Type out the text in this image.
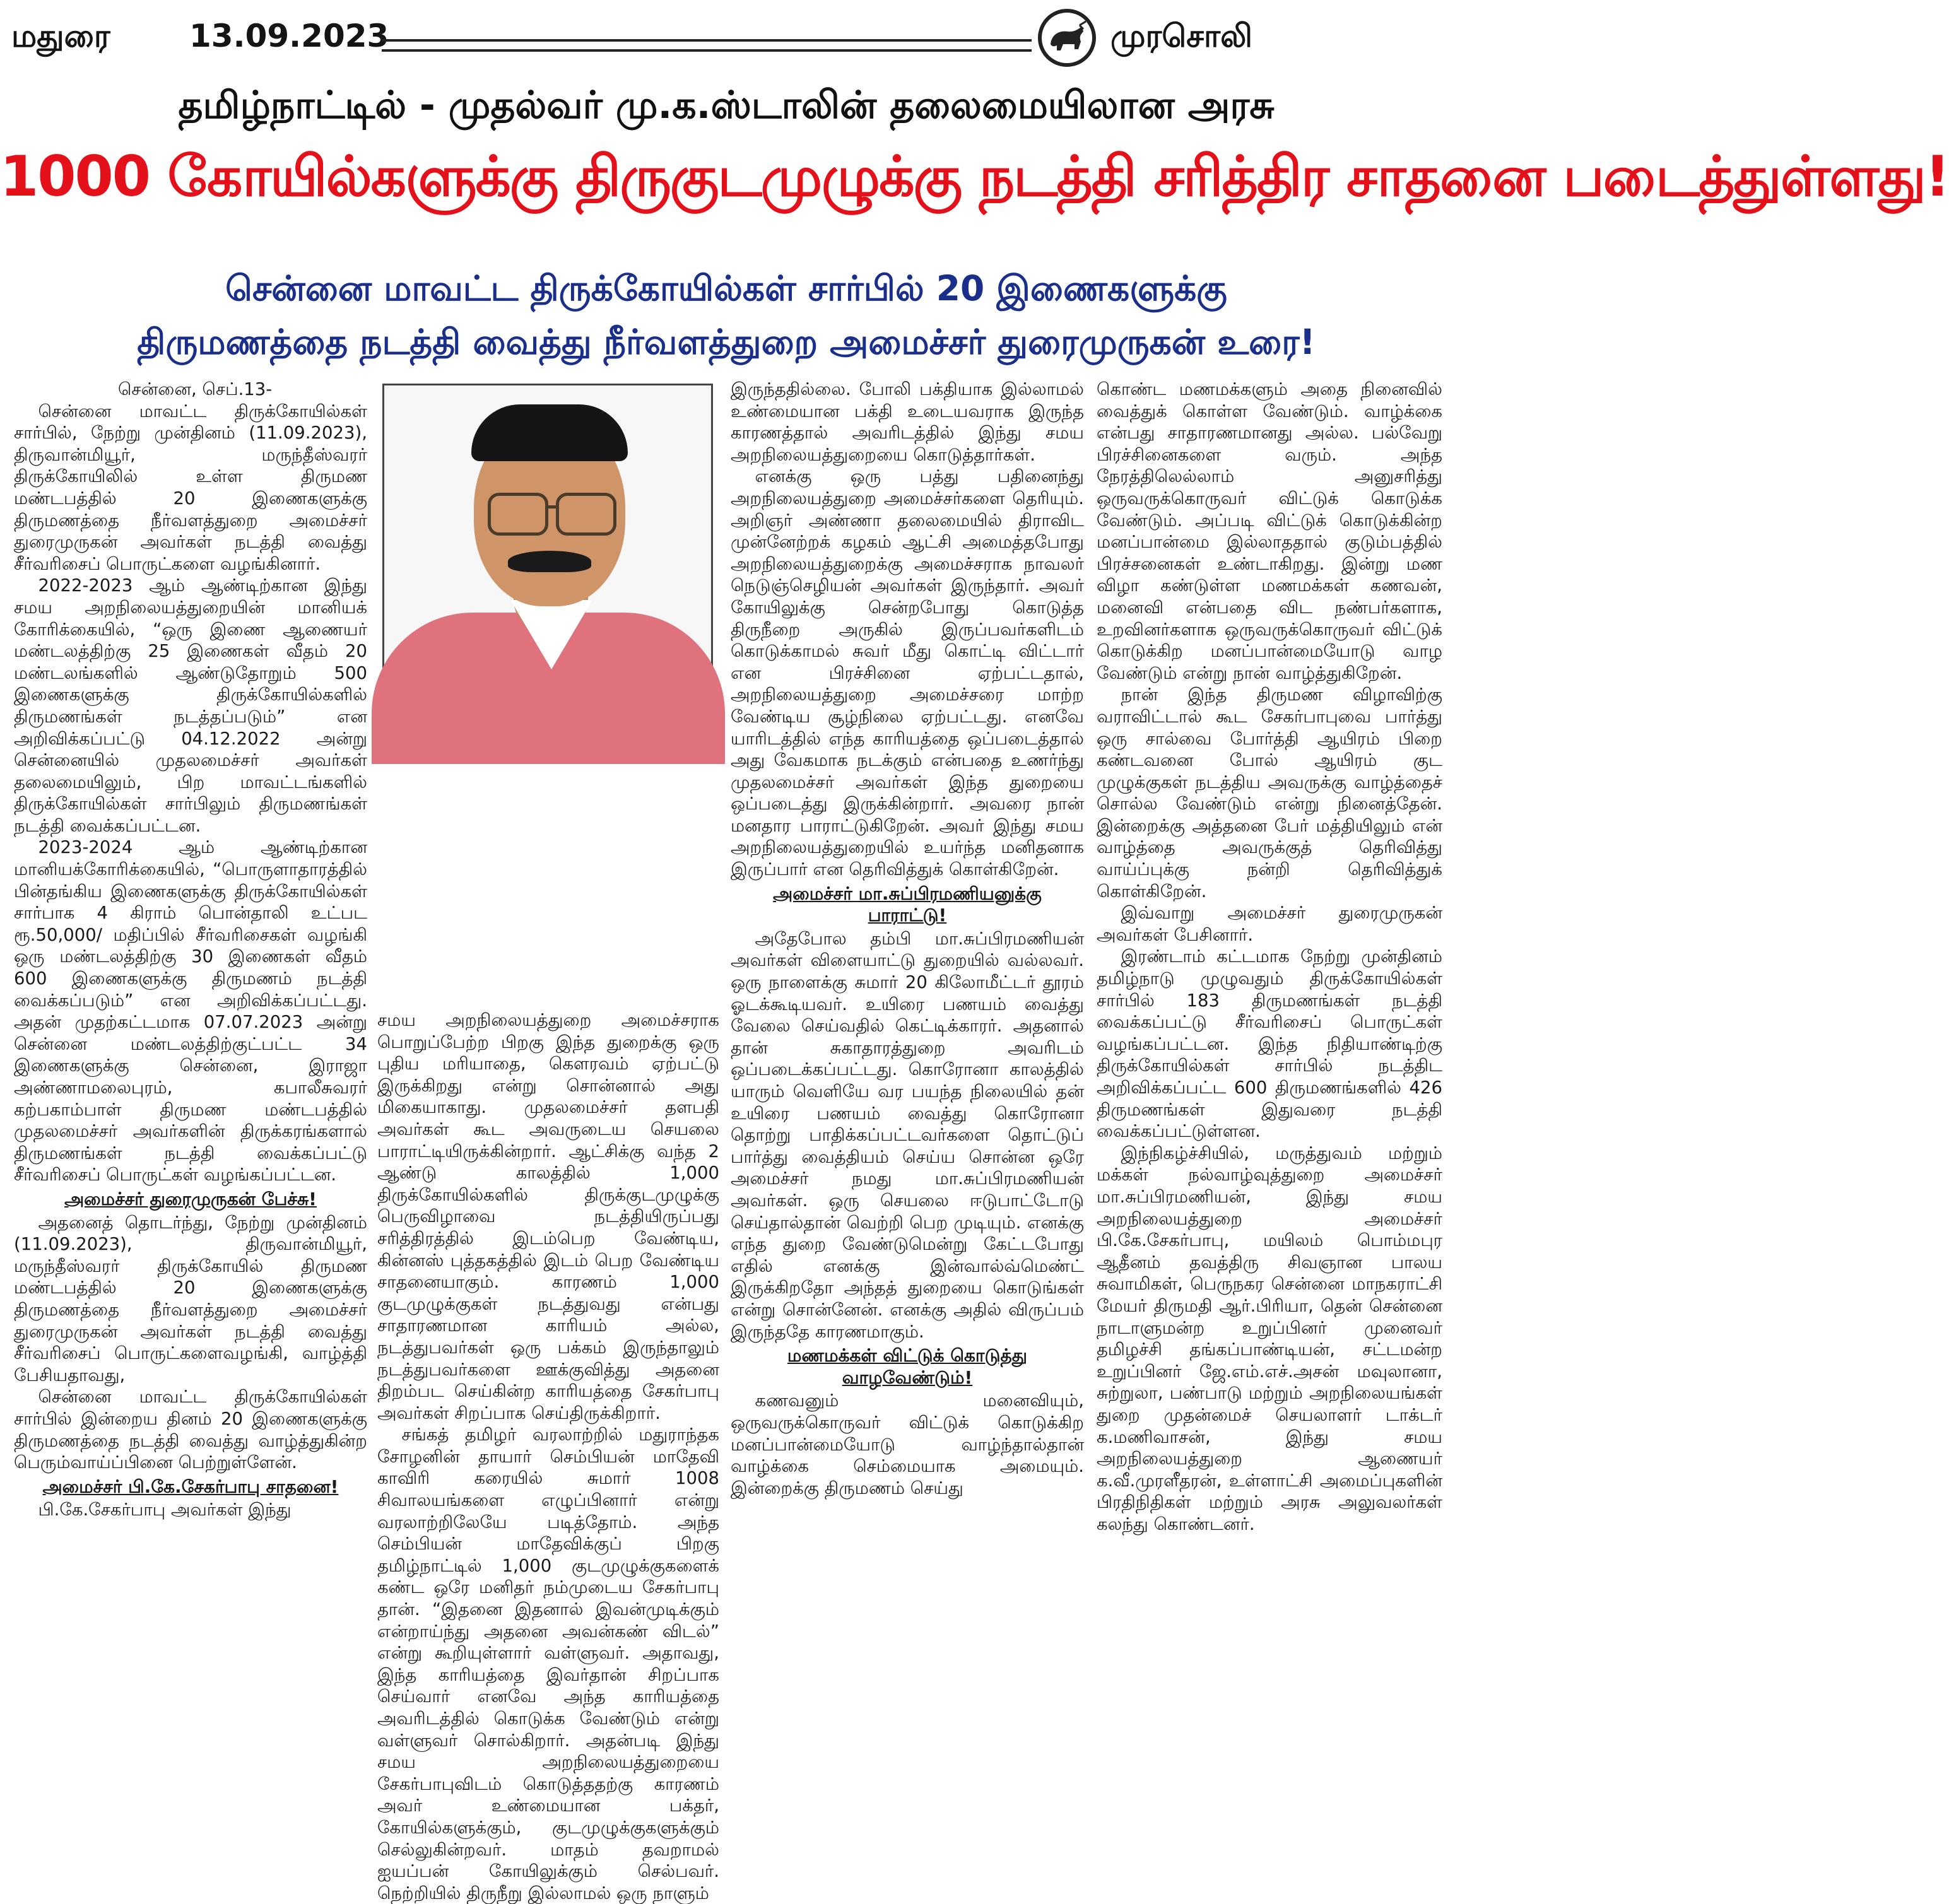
மதுரை	13.09.2023	முரசொலி
தமிழ்நாட்டில் - முதல்வர் மு.க.ஸ்டாலின் தலைமையிலான அரசு
1000 கோயில்களுக்கு திருகுடமுழுக்கு நடத்தி சரித்திர சாதனை படைத்துள்ளது!
சென்னை மாவட்ட திருக்கோயில்கள் சார்பில் 20 இணைகளுக்கு
திருமணத்தை நடத்தி வைத்து நீர்வளத்துறை அமைச்சர் துரைமுருகன் உரை!

சென்னை, செப்.13-

சென்னை மாவட்ட திருக்கோயில்கள் சார்பில், நேற்று முன்தினம் (11.09.2023), திருவான்மியூர், மருந்தீஸ்வரர் திருக்கோயிலில் உள்ள திருமண மண்டபத்தில் 20 இணைகளுக்கு திருமணத்தை நீர்வளத்துறை அமைச்சர் துரைமுருகன் அவர்கள் நடத்தி வைத்து சீர்வரிசைப் பொருட்களை வழங்கினார்.

2022-2023 ஆம் ஆண்டிற்கான இந்து சமய அறநிலையத்துறையின் மானியக் கோரிக்கையில், “ஒரு இணை ஆணையர் மண்டலத்திற்கு 25 இணைகள் வீதம் 20 மண்டலங்களில் ஆண்டுதோறும் 500 இணைகளுக்கு திருக்கோயில்களில் திருமணங்கள் நடத்தப்படும்” என அறிவிக்கப்பட்டு 04.12.2022 அன்று சென்னையில் முதலமைச்சர் அவர்கள் தலைமையிலும், பிற மாவட்டங்களில் திருக்கோயில்கள் சார்பிலும் திருமணங்கள் நடத்தி வைக்கப்பட்டன.

2023-2024 ஆம் ஆண்டிற்கான மானியக்கோரிக்கையில், “பொருளாதாரத்தில் பின்தங்கிய இணைகளுக்கு திருக்கோயில்கள் சார்பாக 4 கிராம் பொன்தாலி உட்பட ரூ.50,000/ மதிப்பில் சீர்வரிசைகள் வழங்கி ஒரு மண்டலத்திற்கு 30 இணைகள் வீதம் 600 இணைகளுக்கு திருமணம் நடத்தி வைக்கப்படும்” என அறிவிக்கப்பட்டது. அதன் முதற்கட்டமாக 07.07.2023 அன்று சென்னை மண்டலத்திற்குட்பட்ட 34 இணைகளுக்கு சென்னை, இராஜா அண்ணாமலைபுரம், கபாலீசுவரர் கற்பகாம்பாள் திருமண மண்டபத்தில் முதலமைச்சர் அவர்களின் திருக்கரங்களால் திருமணங்கள் நடத்தி வைக்கப்பட்டு சீர்வரிசைப் பொருட்கள் வழங்கப்பட்டன.

அமைச்சர் துரைமுருகன் பேச்சு!

அதனைத் தொடர்ந்து, நேற்று முன்தினம் (11.09.2023), திருவான்மியூர், மருந்தீஸ்வரர் திருக்கோயில் திருமண மண்டபத்தில் 20 இணைகளுக்கு திருமணத்தை நீர்வளத்துறை அமைச்சர் துரைமுருகன் அவர்கள் நடத்தி வைத்து சீர்வரிசைப் பொருட்களைவழங்கி, வாழ்த்தி பேசியதாவது,

சென்னை மாவட்ட திருக்கோயில்கள் சார்பில் இன்றைய தினம் 20 இணைகளுக்கு திருமணத்தை நடத்தி வைத்து வாழ்த்துகின்ற பெரும்வாய்ப்பினை பெற்றுள்ளேன்.

அமைச்சர் பி.கே.சேகர்பாபு சாதனை!

பி.கே.சேகர்பாபு அவர்கள் இந்து

சமய அறநிலையத்துறை அமைச்சராக பொறுப்பேற்ற பிறகு இந்த துறைக்கு ஒரு புதிய மரியாதை, கௌரவம் ஏற்பட்டு இருக்கிறது என்று சொன்னால் அது மிகையாகாது. முதலமைச்சர் தளபதி அவர்கள் கூட அவருடைய செயலை பாராட்டியிருக்கின்றார். ஆட்சிக்கு வந்த 2 ஆண்டு காலத்தில் 1,000 திருக்கோயில்களில் திருக்குடமுழுக்கு பெருவிழாவை நடத்தியிருப்பது சரித்திரத்தில் இடம்பெற வேண்டிய, கின்னஸ் புத்தகத்தில் இடம் பெற வேண்டிய சாதனையாகும். காரணம் 1,000 குடமுழுக்குகள் நடத்துவது என்பது சாதாரணமான காரியம் அல்ல, நடத்துபவர்கள் ஒரு பக்கம் இருந்தாலும் நடத்துபவர்களை ஊக்குவித்து அதனை திறம்பட செய்கின்ற காரியத்தை சேகர்பாபு அவர்கள் சிறப்பாக செய்திருக்கிறார்.

சங்கத் தமிழர் வரலாற்றில் மதுராந்தக சோழனின் தாயார் செம்பியன் மாதேவி காவிரி கரையில் சுமார் 1008 சிவாலயங்களை எழுப்பினார் என்று வரலாற்றிலேயே படித்தோம். அந்த செம்பியன் மாதேவிக்குப் பிறகு தமிழ்நாட்டில் 1,000 குடமுழுக்குகளைக் கண்ட ஒரே மனிதர் நம்முடைய சேகர்பாபு தான். “இதனை இதனால் இவன்முடிக்கும் என்றாய்ந்து அதனை அவன்கண் விடல்” என்று கூறியுள்ளார் வள்ளுவர். அதாவது, இந்த காரியத்தை இவர்தான் சிறப்பாக செய்வார் எனவே அந்த காரியத்தை அவரிடத்தில் கொடுக்க வேண்டும் என்று வள்ளுவர் சொல்கிறார். அதன்படி இந்து சமய அறநிலையத்துறையை சேகர்பாபுவிடம் கொடுத்ததற்கு காரணம் அவர் உண்மையான பக்தர், கோயில்களுக்கும், குடமுழுக்குகளுக்கும் செல்லுகின்றவர். மாதம் தவறாமல் ஐயப்பன் கோயிலுக்கும் செல்பவர். நெற்றியில் திருநீறு இல்லாமல் ஒரு நாளும்

இருந்ததில்லை. போலி பக்தியாக இல்லாமல் உண்மையான பக்தி உடையவராக இருந்த காரணத்தால் அவரிடத்தில் இந்து சமய அறநிலையத்துறையை கொடுத்தார்கள்.

எனக்கு ஒரு பத்து பதினைந்து அறநிலையத்துறை அமைச்சர்களை தெரியும். அறிஞர் அண்ணா தலைமையில் திராவிட முன்னேற்றக் கழகம் ஆட்சி அமைத்தபோது அறநிலையத்துறைக்கு அமைச்சராக நாவலர் நெடுஞ்செழியன் அவர்கள் இருந்தார். அவர் கோயிலுக்கு சென்றபோது கொடுத்த திருநீறை அருகில் இருப்பவர்களிடம் கொடுக்காமல் சுவர் மீது கொட்டி விட்டார் என பிரச்சினை ஏற்பட்டதால், அறநிலையத்துறை அமைச்சரை மாற்ற வேண்டிய சூழ்நிலை ஏற்பட்டது. எனவே யாரிடத்தில் எந்த காரியத்தை ஒப்படைத்தால் அது வேகமாக நடக்கும் என்பதை உணர்ந்து முதலமைச்சர் அவர்கள் இந்த துறையை ஒப்படைத்து இருக்கின்றார். அவரை நான் மனதார பாராட்டுகிறேன். அவர் இந்து சமய அறநிலையத்துறையில் உயர்ந்த மனிதனாக இருப்பார் என தெரிவித்துக் கொள்கிறேன்.

அமைச்சர் மா.சுப்பிரமணியனுக்கு பாராட்டு!

அதேபோல தம்பி மா.சுப்பிரமணியன் அவர்கள் விளையாட்டு துறையில் வல்லவர். ஒரு நாளைக்கு சுமார் 20 கிலோமீட்டர் தூரம் ஓடக்கூடியவர். உயிரை பணயம் வைத்து வேலை செய்வதில் கெட்டிக்காரர். அதனால் தான் சுகாதாரத்துறை அவரிடம் ஒப்படைக்கப்பட்டது. கொரோனா காலத்தில் யாரும் வெளியே வர பயந்த நிலையில் தன் உயிரை பணயம் வைத்து கொரோனா தொற்று பாதிக்கப்பட்டவர்களை தொட்டுப் பார்த்து வைத்தியம் செய்ய சொன்ன ஒரே அமைச்சர் நமது மா.சுப்பிரமணியன் அவர்கள். ஒரு செயலை ஈடுபாட்டோடு செய்தால்தான் வெற்றி பெற முடியும். எனக்கு எந்த துறை வேண்டுமென்று கேட்டபோது எதில் எனக்கு இன்வால்வ்மெண்ட் இருக்கிறதோ அந்தத் துறையை கொடுங்கள் என்று சொன்னேன். எனக்கு அதில் விருப்பம் இருந்ததே காரணமாகும்.

மணமக்கள் விட்டுக் கொடுத்து வாழவேண்டும்!

கணவனும் மனைவியும், ஒருவருக்கொருவர் விட்டுக் கொடுக்கிற மனப்பான்மையோடு வாழ்ந்தால்தான் வாழ்க்கை செம்மையாக அமையும். இன்றைக்கு திருமணம் செய்து

கொண்ட மணமக்களும் அதை நினைவில் வைத்துக் கொள்ள வேண்டும். வாழ்க்கை என்பது சாதாரணமானது அல்ல. பல்வேறு பிரச்சினைகளை வரும். அந்த நேரத்திலெல்லாம் அனுசரித்து ஒருவருக்கொருவர் விட்டுக் கொடுக்க வேண்டும். அப்படி விட்டுக் கொடுக்கின்ற மனப்பான்மை இல்லாததால் குடும்பத்தில் பிரச்சனைகள் உண்டாகிறது. இன்று மண விழா கண்டுள்ள மணமக்கள் கணவன், மனைவி என்பதை விட நண்பர்களாக, உறவினர்களாக ஒருவருக்கொருவர் விட்டுக் கொடுக்கிற மனப்பான்மையோடு வாழ வேண்டும் என்று நான் வாழ்த்துகிறேன்.

நான் இந்த திருமண விழாவிற்கு வராவிட்டால் கூட சேகர்பாபுவை பார்த்து ஒரு சால்வை போர்த்தி ஆயிரம் பிறை கண்டவனை போல் ஆயிரம் குட முழுக்குகள் நடத்திய அவருக்கு வாழ்த்தைச் சொல்ல வேண்டும் என்று நினைத்தேன். இன்றைக்கு அத்தனை பேர் மத்தியிலும் என் வாழ்த்தை அவருக்குத் தெரிவித்து வாய்ப்புக்கு நன்றி தெரிவித்துக் கொள்கிறேன்.

இவ்வாறு அமைச்சர் துரைமுருகன் அவர்கள் பேசினார்.

இரண்டாம் கட்டமாக நேற்று முன்தினம் தமிழ்நாடு முழுவதும் திருக்கோயில்கள் சார்பில் 183 திருமணங்கள் நடத்தி வைக்கப்பட்டு சீர்வரிசைப் பொருட்கள் வழங்கப்பட்டன. இந்த நிதியாண்டிற்கு திருக்கோயில்கள் சார்பில் நடத்திட அறிவிக்கப்பட்ட 600 திருமணங்களில் 426 திருமணங்கள் இதுவரை நடத்தி வைக்கப்பட்டுள்ளன.

இந்நிகழ்ச்சியில், மருத்துவம் மற்றும் மக்கள் நல்வாழ்வுத்துறை அமைச்சர் மா.சுப்பிரமணியன், இந்து சமய அறநிலையத்துறை அமைச்சர் பி.கே.சேகர்பாபு, மயிலம் பொம்மபுர ஆதீனம் தவத்திரு சிவஞான பாலய சுவாமிகள், பெருநகர சென்னை மாநகராட்சி மேயர் திருமதி ஆர்.பிரியா, தென் சென்னை நாடாளுமன்ற உறுப்பினர் முனைவர் தமிழச்சி தங்கப்பாண்டியன், சட்டமன்ற உறுப்பினர் ஜே.எம்.எச்.அசன் மவுலானா, சுற்றுலா, பண்பாடு மற்றும் அறநிலையங்கள் துறை முதன்மைச் செயலாளர் டாக்டர் க.மணிவாசன், இந்து சமய அறநிலையத்துறை ஆணையர் க.வீ.முரளீதரன், உள்ளாட்சி அமைப்புகளின் பிரதிநிதிகள் மற்றும் அரசு அலுவலர்கள் கலந்து கொண்டனர்.
